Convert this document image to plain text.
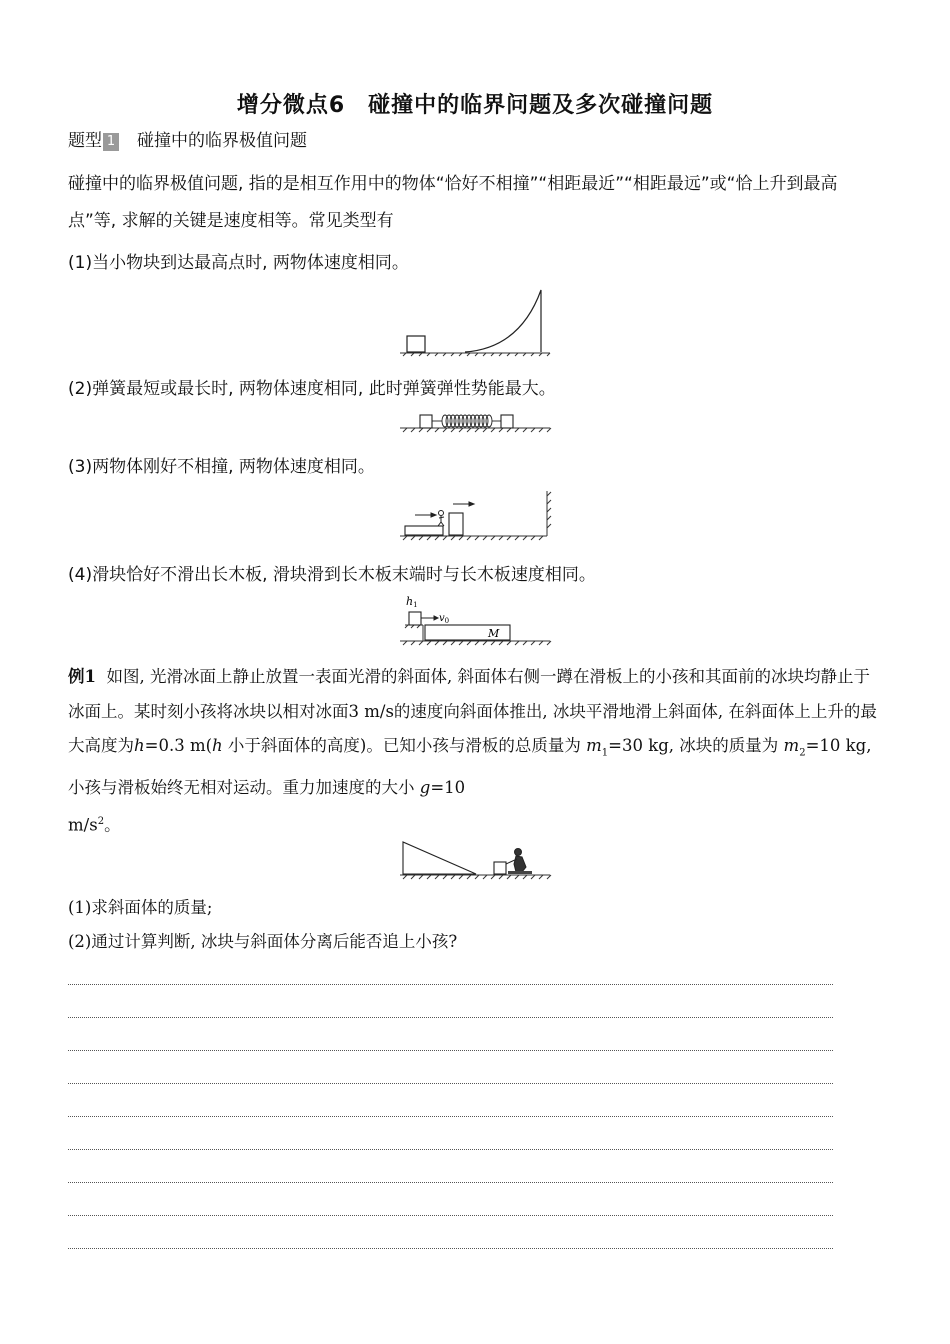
增分微点6　碰撞中的临界问题及多次碰撞问题
题型 1 碰撞中的临界极值问题
碰撞中的临界极值问题, 指的是相互作用中的物体“恰好不相撞”“相距最近”“相距最远”或“恰上升到最高点”等, 求解的关键是速度相等。常见类型有
(1)当小物块到达最高点时, 两物体速度相同。
(2)弹簧最短或最长时, 两物体速度相同, 此时弹簧弹性势能最大。
(3)两物体刚好不相撞, 两物体速度相同。
(4)滑块恰好不滑出长木板, 滑块滑到长木板末端时与长木板速度相同。
h1
$v_0$
M
例1 如图, 光滑冰面上静止放置一表面光滑的斜面体, 斜面体右侧一蹲在滑板上的小孩和其面前的冰块均静止于冰面上。某时刻小孩将冰块以相对冰面3 m/s的速度向斜面体推出, 冰块平滑地滑上斜面体, 在斜面体上上升的最大高度为h=0.3 m(h 小于斜面体的高度)。已知小孩与滑板的总质量为 $m_1=30$ kg, 冰块的质量为 $m_2=10$ kg, 小孩与滑板始终无相对运动。重力加速度的大小 g=10
$m/s^2$。
(1)求斜面体的质量;
(2)通过计算判断, 冰块与斜面体分离后能否追上小孩?
